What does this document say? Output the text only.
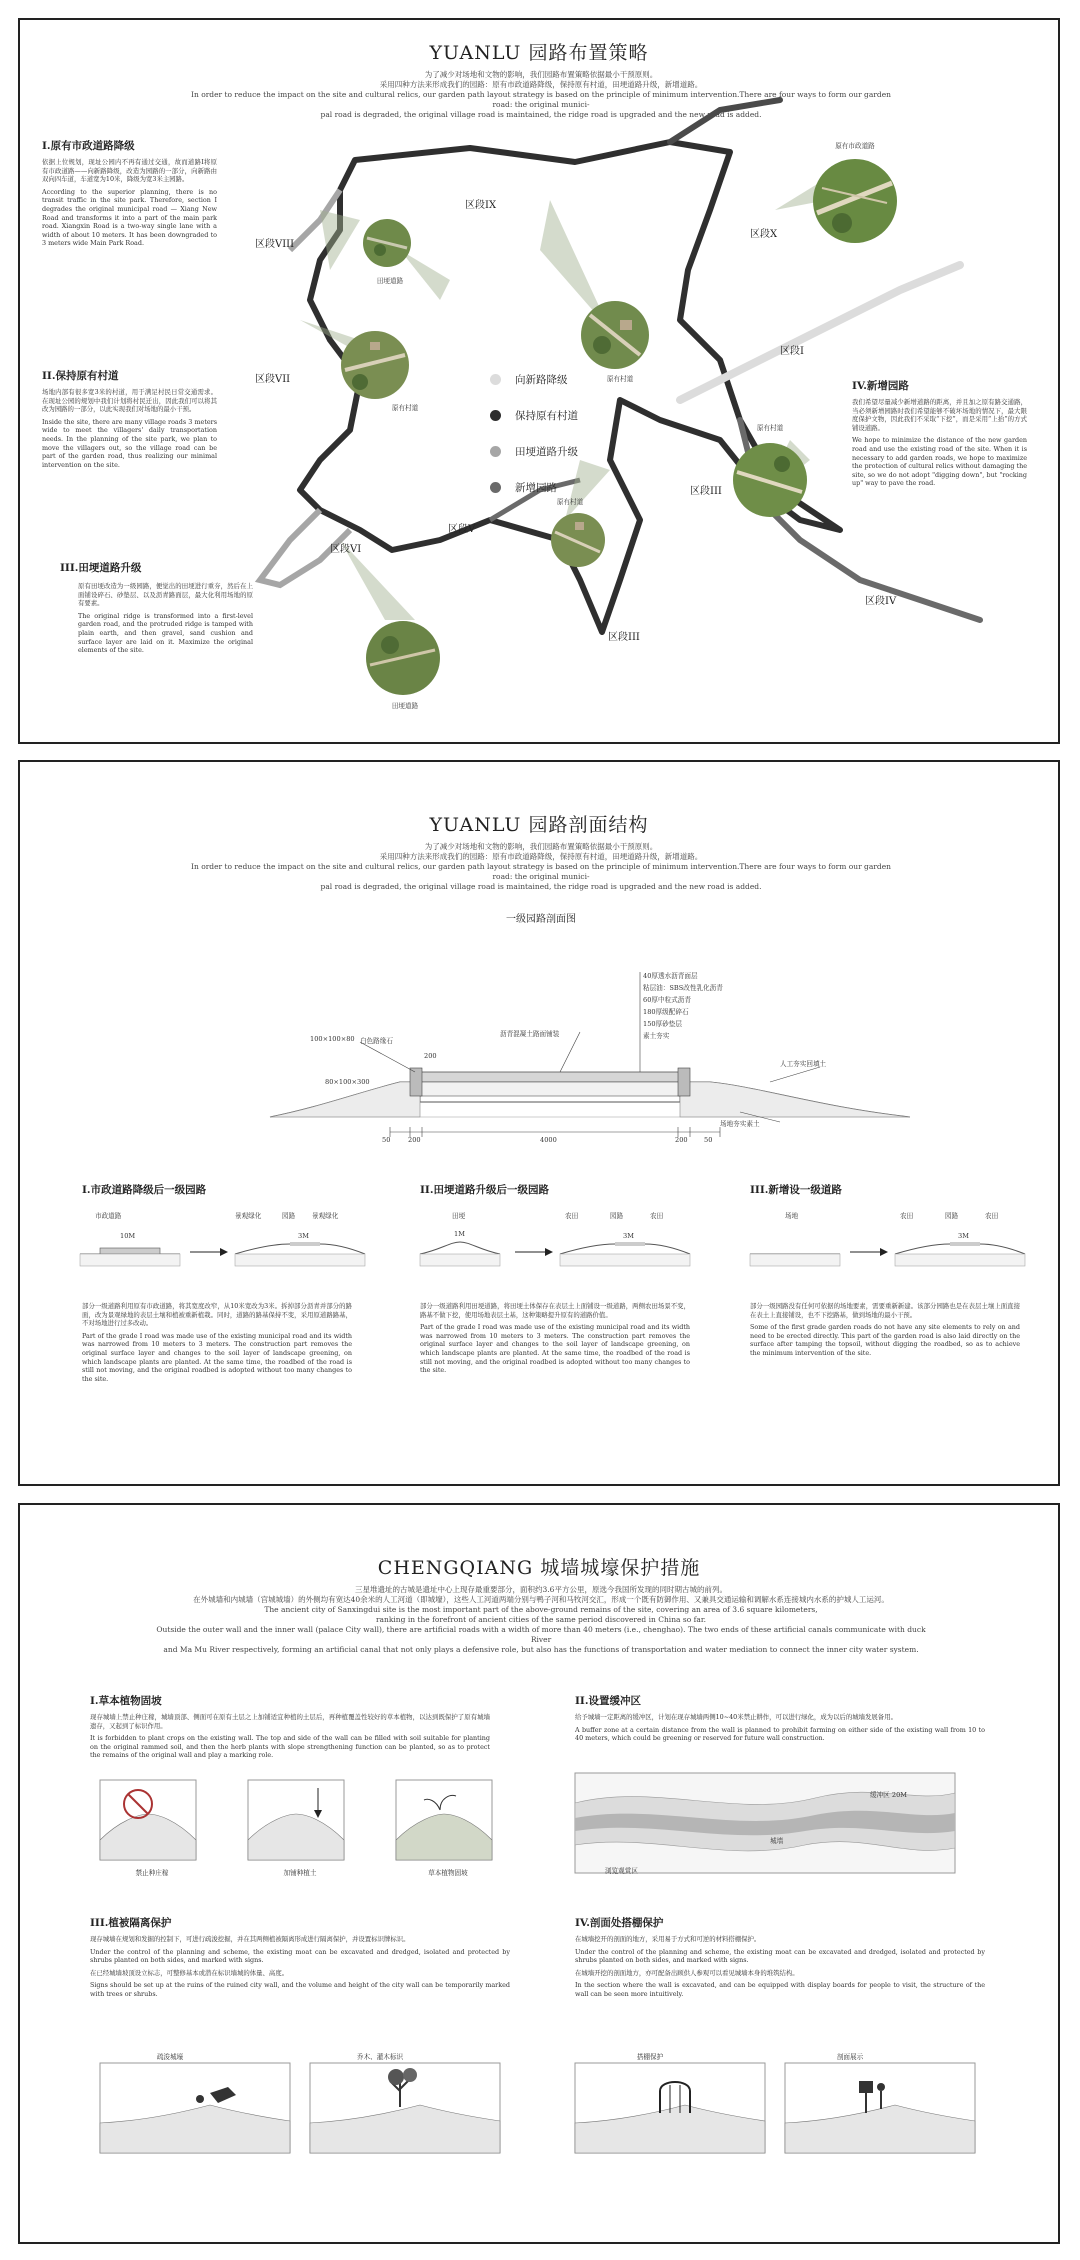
YUANLU 园路布置策略
为了减少对场地和文物的影响，我们园路布置策略依据最小干预原则。
采用四种方法来形成我们的园路：原有市政道路降级，保持原有村道，田埂道路升级，新增道路。
In order to reduce the impact on the site and cultural relics, our garden path layout strategy is based on the principle of minimum intervention.There are four ways to form our garden road: the original munici-
pal road is degraded, the original village road is maintained, the ridge road is upgraded and the new road is added.
田埂道路
原有市政道路
原有村道
原有村道
原有村道
原有村道
田埂道路
区段IX
区段X
区段VIII
区段VII
区段I
区段VI
区段V
区段III
区段III
区段IV
向新路降级
保持原有村道
田埂道路升级
新增园路
I.原有市政道路降级

依据上位规划，现址公园内不再有通过交通，故而道路I将原有市政道路——向新路降级，改造为园路的一部分，向新路由双向四车道，车道宽为10米，降级为宽3米主园路。

According to the superior planning, there is no transit traffic in the site park. Therefore, section I degrades the original municipal road — Xiang New Road and transforms it into a part of the main park road. Xiangxin Road is a two-way single lane with a width of about 10 meters. It has been downgraded to 3 meters wide Main Park Road.

II.保持原有村道

场地内部有很多宽3米的村道，用于满足村民日常交通需求。在现址公园的规划中我们计划将村民迁出，因此我们可以将其改为园路的一部分，以此实现我们对场地的最小干预。

Inside the site, there are many village roads 3 meters wide to meet the villagers' daily transportation needs. In the planning of the site park, we plan to move the villagers out, so the village road can be part of the garden road, thus realizing our minimal intervention on the site.

III.田埂道路升级

原有田埂改造为一级园路，便觉出的田埂进行重夯，然后在上面铺设碎石、砂垫层、以及沥青路面层，最大化利用场地的原有要素。

The original ridge is transformed into a first-level garden road, and the protruded ridge is tamped with plain earth, and then gravel, sand cushion and surface layer are laid on it. Maximize the original elements of the site.

IV.新增园路

我们希望尽量减少新增道路的距离，并且加之原有路交通路，当必须新增园路时我们希望能够不破坏场地的情况下，最大限度保护文物，因此我们不采取“下挖”，而是采用“上抬”的方式铺设道路。

We hope to minimize the distance of the new garden road and use the existing road of the site. When it is necessary to add garden roads, we hope to maximize the protection of cultural relics without damaging the site, so we do not adopt "digging down", but "rocking up" way to pave the road.

YUANLU 园路剖面结构
为了减少对场地和文物的影响，我们园路布置策略依据最小干预原则。
采用四种方法来形成我们的园路：原有市政道路降级，保持原有村道，田埂道路升级，新增道路。
In order to reduce the impact on the site and cultural relics, our garden path layout strategy is based on the principle of minimum intervention.There are four ways to form our garden road: the original munici-
pal road is degraded, the original village road is maintained, the ridge road is upgraded and the new road is added.
一级园路剖面图
40厚透水沥青面层
粘层油：SBS改性乳化沥青
60厚中粒式沥青
180厚级配碎石
150厚砂垫层
素土夯实
100×100×80 白色路缘石
80×100×300
沥青混凝土路面铺装
人工夯实回填土
场地夯实素土
200
50	200	4000	200 50
I.市政道路降级后一级园路	II.田埂道路升级后一级园路	III.新增设一级道路
市政道路
10M
景观绿化	园路	景观绿化
3M
田埂
1M
农田	园路	农田
3M
场地	农田	园路	农田
3M

部分一级道路利用原有市政道路，将其宽度改窄，从10米宽改为3米。拆掉部分沥青并部分的路面，改为景观绿地的表层土壤和植被重新植栽。同时，道路的路基保持不变，采用原道路路基，不对场地进行过多改动。

Part of the grade I road was made use of the existing municipal road and its width was narrowed from 10 meters to 3 meters. The construction part removes the original surface layer and changes to the soil layer of landscape greening, on which landscape plants are planted. At the same time, the roadbed of the road is still not moving, and the original roadbed is adopted without too many changes to the site.

部分一级道路利用田埂道路，将田埂土体保存在表层土上面铺设一级道路，两侧农田场景不变，路基不做下挖，使用场地表层土基，这种策略提升原有的道路价值。

Part of the grade I road was made use of the existing municipal road and its width was narrowed from 10 meters to 3 meters. The construction part removes the original surface layer and changes to the soil layer of landscape greening, on which landscape plants are planted. At the same time, the roadbed of the road is still not moving, and the original roadbed is adopted without too many changes to the site.

部分一级园路没有任何可依据的场地要素，需要重新新建。该部分园路也是在表层土壤上面直接在表土上直接铺设，也不下挖路基，做到场地的最小干预。

Some of the first grade garden roads do not have any site elements to rely on and need to be erected directly. This part of the garden road is also laid directly on the surface after tamping the topsoil, without digging the roadbed, so as to achieve the minimum intervention of the site.

CHENGQIANG 城墙城壕保护措施
三星堆遗址的古城是遗址中心上现存最重要部分，面积约3.6平方公里，原选今我国所发现的同时期古城的前列。
在外城墙和内城墙（宫城城墙）的外侧均有宽达40余米的人工河道（即城壕），这些人工河道两端分别与鸭子河和马牧河交汇，形成一个既有防御作用、又兼具交通运输和调解水系连接城内水系的护城人工运河。
The ancient city of Sanxingdui site is the most important part of the above-ground remains of the site, covering an area of 3.6 square kilometers,
ranking in the forefront of ancient cities of the same period discovered in China so far.
Outside the outer wall and the inner wall (palace City wall), there are artificial roads with a width of more than 40 meters (i.e., chenghao). The two ends of these artificial canals communicate with duck River
and Ma Mu River respectively, forming an artificial canal that not only plays a defensive role, but also has the functions of transportation and water mediation to connect the inner city water system.
I.草本植物固坡

现存城墙上禁止种庄稼，城墙顶部、侧面可在原有土层之上加铺适宜种植的土层后，再种植覆盖性较好的草本植物，以达到既保护了原有城墙遗存，又起到了标识作用。

It is forbidden to plant crops on the existing wall. The top and side of the wall can be filled with soil suitable for planting on the original rammed soil, and then the herb plants with slope strengthening function can be planted, so as to protect the remains of the original wall and play a marking role.

禁止种庄稼	加铺种植土	草本植物固坡
II.设置缓冲区

给予城墙一定距离的缓冲区，计划在现存城墙两侧10~40米禁止耕作，可以进行绿化，成为以后的城墙发展备用。

A buffer zone at a certain distance from the wall is planned to prohibit farming on either side of the existing wall from 10 to 40 meters, which could be greening or reserved for future wall construction.

缓冲区 20M
城墙
浏览观赏区
III.植被隔离保护

现存城墙在规划和发掘的控制下，可进行疏浚挖掘，并在其两侧植被隔离形成进行隔离保护，并设置标识牌标识。

Under the control of the planning and scheme, the existing moat can be excavated and dredged, isolated and protected by shrubs planted on both sides, and marked with signs.

在已经城墙坡顶设立标志，可整修基本或潜在标识墙城的体量、高度。

Signs should be set up at the ruins of the ruined city wall, and the volume and height of the city wall can be temporarily marked with trees or shrubs.

疏浚城壕	乔木、灌木标识
IV.剖面处搭棚保护

在城墙挖开的剖面的地方，采用易于方式和可逆的材料搭棚保护。

Under the control of the planning and scheme, the existing moat can be excavated and dredged, isolated and protected by shrubs planted on both sides, and marked with signs.

在城墙开挖的剖面地方，亦可配备出顾供人参观可以看见城墙本身的堆筑结构。

In the section where the wall is excavated, and can be equipped with display boards for people to visit, the structure of the wall can be seen more intuitively.

搭棚保护	剖面展示
